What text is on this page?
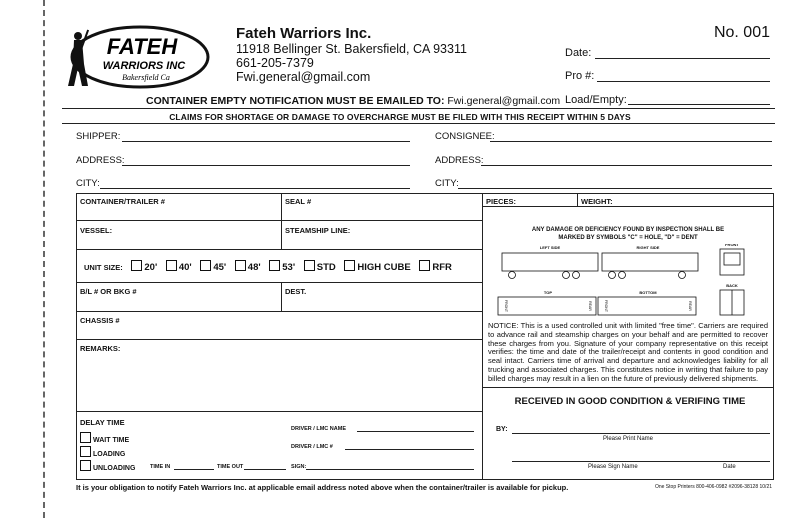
FATEH
WARRIORS INC
Bakersfield Ca
Fateh Warriors Inc.
11918 Bellinger St. Bakersfield, CA 93311
661-205-7379
Fwi.general@gmail.com
No. 001
Date:
Pro #:
Load/Empty:
CONTAINER EMPTY NOTIFICATION MUST BE EMAILED TO: Fwi.general@gmail.com
CLAIMS FOR SHORTAGE OR DAMAGE TO OVERCHARGE MUST BE FILED WITH THIS RECEIPT WITHIN 5 DAYS
SHIPPER:	CONSIGNEE:
ADDRESS:	ADDRESS:
CITY:	CITY:
CONTAINER/TRAILER #	SEAL #	PIECES:	WEIGHT:
VESSEL:	STEAMSHIP LINE:
B/L # OR BKG #	DEST.
CHASSIS #
REMARKS:
UNIT SIZE: 20' 40' 45' 48' 53' STD HIGH CUBE RFR
ANY DAMAGE OR DEFICIENCY FOUND BY INSPECTION SHALL BE
MARKED BY SYMBOLS "C" = HOLE, "D" = DENT
LEFT SIDE	RIGHT SIDE
FRONT
BACK
TOP	BOTTOM
FRONT	REAR	FRONT	REAR
NOTICE: This is a used controlled unit with limited "free time". Carriers are required to advance rail and steamship charges on your behalf and are permitted to recover these charges from you. Signature of your company representative on this receipt verifies: the time and date of the trailer/receipt and contents in good condition and seal intact. Carriers time of arrival and departure and acknowledges liability for all trucking and associated charges. This constitutes notice in writing that failure to pay billed charges may result in a lien on the future of previously delivered shipments.
RECEIVED IN GOOD CONDITION & VERIFING TIME
BY:
Please Print Name
Please Sign Name	Date
DELAY TIME
WAIT TIME
LOADING
UNLOADING	TIME IN	TIME OUT	SIGN:
DRIVER / LMC NAME
DRIVER / LMC #
It is your obligation to notify Fateh Warriors Inc. at applicable email address noted above when the container/trailer is available for pickup.	One Stop Printers 800-406-0982 #2096-38128 10/21
